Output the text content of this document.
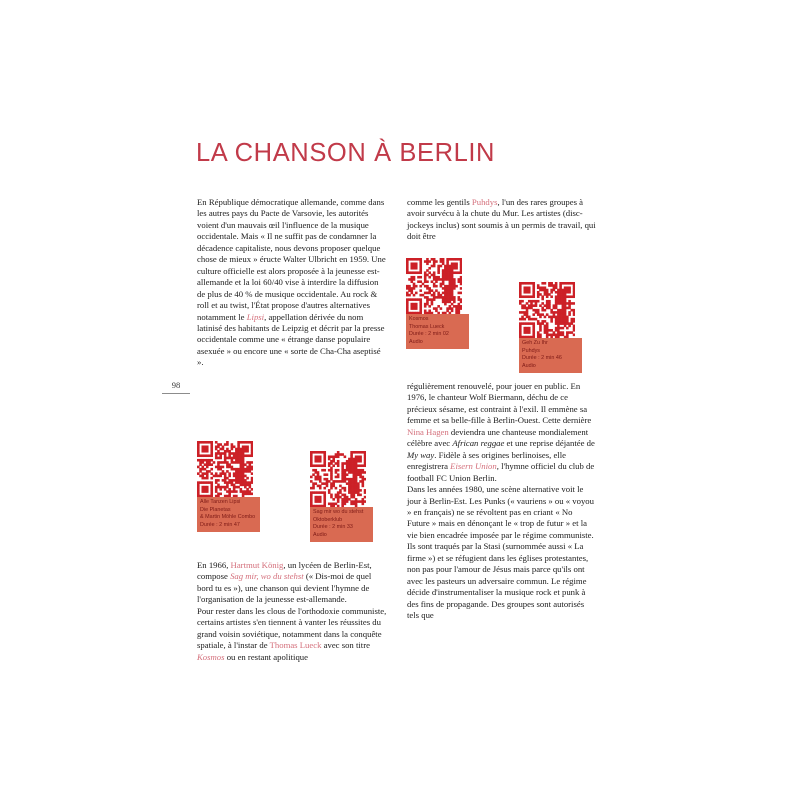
LA CHANSON À BERLIN
98

En République démocratique allemande, comme dans les autres pays du Pacte de Varsovie, les autorités voient d'un mauvais œil l'influence de la musique occidentale. Mais « Il ne suffit pas de condamner la décadence capitaliste, nous devons proposer quelque chose de mieux » éructe Walter Ulbricht en 1959. Une culture officielle est alors proposée à la jeunesse est-allemande et la loi 60/40 vise à interdire la diffusion de plus de 40 % de musique occidentale. Au rock & roll et au twist, l'État propose d'autres alternatives notamment le Lipsi, appellation dérivée du nom latinisé des habitants de Leipzig et décrit par la presse occidentale comme une « étrange danse populaire asexuée » ou encore une « sorte de Cha-Cha aseptisé ».

Alle Tanzen Lipsi
Die Planetas
& Martin Möhle Combo
Durée : 2 min 47
Sag mir wo du stehst
Oktoberklub
Durée : 2 min 33
Audio

En 1966, Hartmut König, un lycéen de Berlin-Est, compose Sag mir, wo du stehst (« Dis-moi de quel bord tu es »), une chanson qui devient l'hymne de l'organisation de la jeunesse est-allemande.

Pour rester dans les clous de l'orthodoxie communiste, certains artistes s'en tiennent à vanter les réussites du grand voisin soviétique, notamment dans la conquête spatiale, à l'instar de Thomas Lueck avec son titre Kosmos ou en restant apolitique

comme les gentils Puhdys, l'un des rares groupes à avoir survécu à la chute du Mur. Les artistes (disc-jockeys inclus) sont soumis à un permis de travail, qui doit être

Kosmos
Thomas Lueck
Durée : 2 min 02
Audio	Geh Zu Ihr
Puhdys
Durée : 2 min 46
Audio

régulièrement renouvelé, pour jouer en public. En 1976, le chanteur Wolf Biermann, déchu de ce précieux sésame, est contraint à l'exil. Il emmène sa femme et sa belle-fille à Berlin-Ouest. Cette dernière Nina Hagen deviendra une chanteuse mondialement célèbre avec African reggae et une reprise déjantée de My way. Fidèle à ses origines berlinoises, elle enregistrera Eisern Union, l'hymne officiel du club de football FC Union Berlin.

Dans les années 1980, une scène alternative voit le jour à Berlin-Est. Les Punks (« vauriens » ou « voyou » en français) ne se révoltent pas en criant « No Future » mais en dénonçant le « trop de futur » et la vie bien encadrée imposée par le régime communiste. Ils sont traqués par la Stasi (surnommée aussi « La firme ») et se réfugient dans les églises protestantes, non pas pour l'amour de Jésus mais parce qu'ils ont avec les pasteurs un adversaire commun. Le régime décide d'instrumentaliser la musique rock et punk à des fins de propagande. Des groupes sont autorisés tels que
